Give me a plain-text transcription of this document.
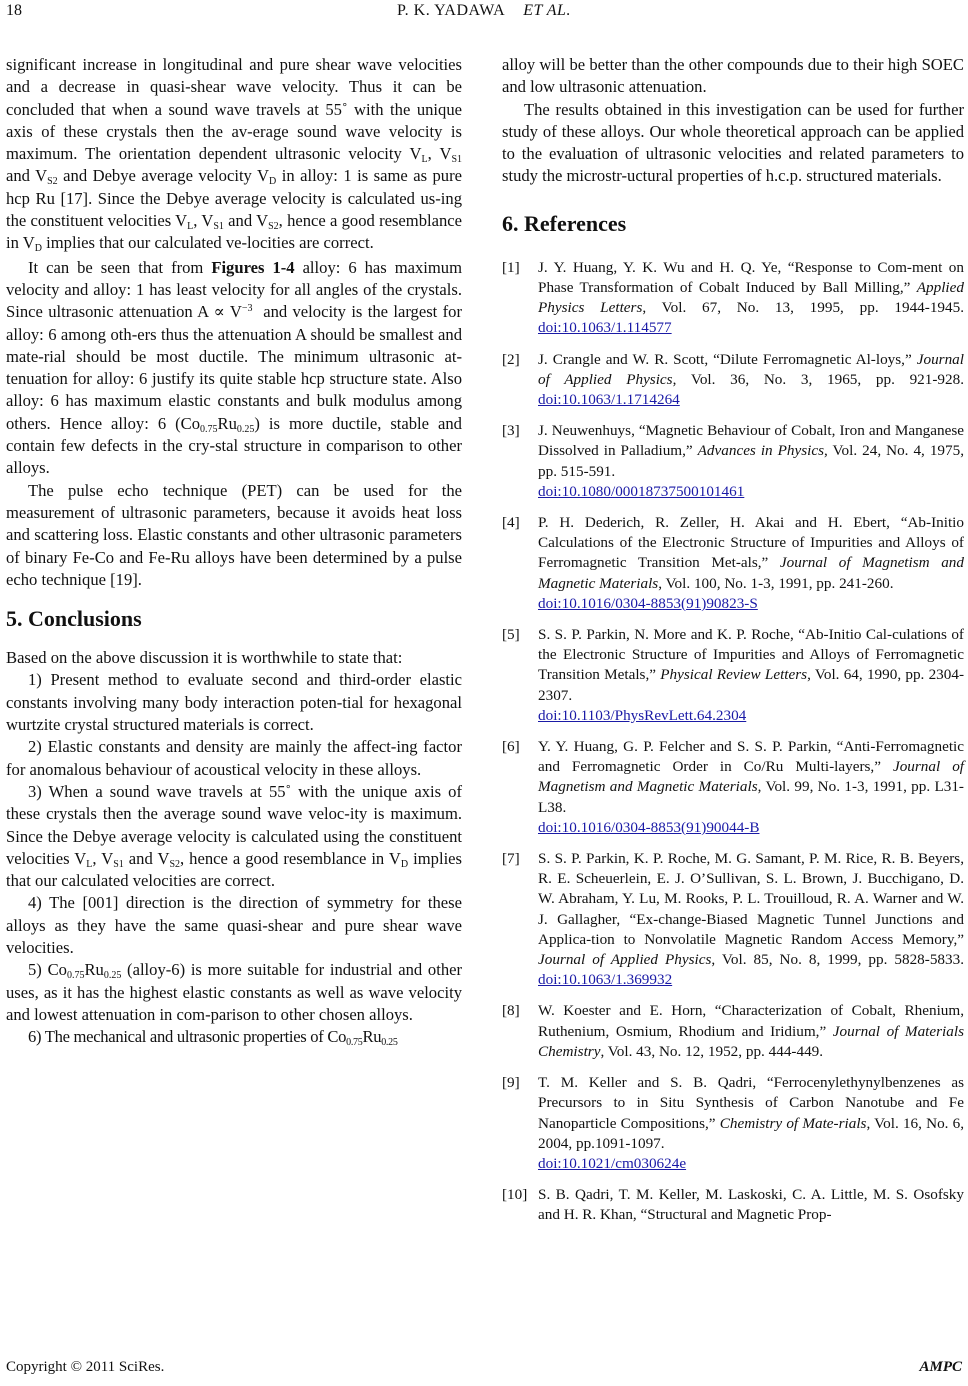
18	P. K. YADAWA ET AL.

significant increase in longitudinal and pure shear wave velocities and a decrease in quasi-shear wave velocity. Thus it can be concluded that when a sound wave travels at 55˚ with the unique axis of these crystals then the av-erage sound wave velocity is maximum. The orientation dependent ultrasonic velocity $V_L$, $V_{S1}$ and $V_{S2}$ and Debye average velocity $V_D$ in alloy: 1 is same as pure hcp Ru [17]. Since the Debye average velocity is calculated us-ing the constituent velocities $V_L$, $V_{S1}$ and $V_{S2}$, hence a good resemblance in $V_D$ implies that our calculated ve-locities are correct.

It can be seen that from Figures 1-4 alloy: 6 has maximum velocity and alloy: 1 has least velocity for all angles of the crystals. Since ultrasonic attenuation $A \propto V^{-3}$ and velocity is the largest for alloy: 6 among oth-ers thus the attenuation A should be smallest and mate-rial should be most ductile. The minimum ultrasonic at-tenuation for alloy: 6 justify its quite stable hcp structure state. Also alloy: 6 has maximum elastic constants and bulk modulus among others. Hence alloy: 6 $(Co_{0.75}Ru_{0.25})$ is more ductile, stable and contain few defects in the cry-stal structure in comparison to other alloys.

The pulse echo technique (PET) can be used for the measurement of ultrasonic parameters, because it avoids heat loss and scattering loss. Elastic constants and other ultrasonic parameters of binary Fe-Co and Fe-Ru alloys have been determined by a pulse echo technique [19].

5. Conclusions

Based on the above discussion it is worthwhile to state that:

1) Present method to evaluate second and third-order elastic constants involving many body interaction poten-tial for hexagonal wurtzite crystal structured materials is correct.

2) Elastic constants and density are mainly the affect-ing factor for anomalous behaviour of acoustical velocity in these alloys.

3) When a sound wave travels at 55˚ with the unique axis of these crystals then the average sound wave veloc-ity is maximum. Since the Debye average velocity is calculated using the constituent velocities $V_L$, $V_{S1}$ and $V_{S2}$, hence a good resemblance in $V_D$ implies that our calculated velocities are correct.

4) The [001] direction is the direction of symmetry for these alloys as they have the same quasi-shear and pure shear wave velocities.

5) $Co_{0.75}Ru_{0.25}$ (alloy-6) is more suitable for industrial and other uses, as it has the highest elastic constants as well as wave velocity and lowest attenuation in com-parison to other chosen alloys.

6) The mechanical and ultrasonic properties of $Co_{0.75}Ru_{0.25}$

alloy will be better than the other compounds due to their high SOEC and low ultrasonic attenuation.

The results obtained in this investigation can be used for further study of these alloys. Our whole theoretical approach can be applied to the evaluation of ultrasonic velocities and related parameters to study the microstr-uctural properties of h.c.p. structured materials.

6. References
[1] J. Y. Huang, Y. K. Wu and H. Q. Ye, “Response to Com-ment on Phase Transformation of Cobalt Induced by Ball Milling,” Applied Physics Letters, Vol. 67, No. 13, 1995, pp. 1944-1945. doi:10.1063/1.114577
[2] J. Crangle and W. R. Scott, “Dilute Ferromagnetic Al-loys,” Journal of Applied Physics, Vol. 36, No. 3, 1965, pp. 921-928. doi:10.1063/1.1714264
[3] J. Neuwenhuys, “Magnetic Behaviour of Cobalt, Iron and Manganese Dissolved in Palladium,” Advances in Physics, Vol. 24, No. 4, 1975, pp. 515-591.
doi:10.1080/00018737500101461
[4] P. H. Dederich, R. Zeller, H. Akai and H. Ebert, “Ab-Initio Calculations of the Electronic Structure of Impurities and Alloys of Ferromagnetic Transition Met-als,” Journal of Magnetism and Magnetic Materials, Vol. 100, No. 1-3, 1991, pp. 241-260.
doi:10.1016/0304-8853(91)90823-S
[5] S. S. P. Parkin, N. More and K. P. Roche, “Ab-Initio Cal-culations of the Electronic Structure of Impurities and Alloys of Ferromagnetic Transition Metals,” Physical Review Letters, Vol. 64, 1990, pp. 2304-2307.
doi:10.1103/PhysRevLett.64.2304
[6] Y. Y. Huang, G. P. Felcher and S. S. P. Parkin, “Anti-Ferromagnetic and Ferromagnetic Order in Co/Ru Multi-layers,” Journal of Magnetism and Magnetic Materials, Vol. 99, No. 1-3, 1991, pp. L31-L38.
doi:10.1016/0304-8853(91)90044-B
[7] S. S. P. Parkin, K. P. Roche, M. G. Samant, P. M. Rice, R. B. Beyers, R. E. Scheuerlein, E. J. O’Sullivan, S. L. Brown, J. Bucchigano, D. W. Abraham, Y. Lu, M. Rooks, P. L. Trouilloud, R. A. Warner and W. J. Gallagher, “Ex-change-Biased Magnetic Tunnel Junctions and Applica-tion to Nonvolatile Magnetic Random Access Memory,” Journal of Applied Physics, Vol. 85, No. 8, 1999, pp. 5828-5833. doi:10.1063/1.369932
[8] W. Koester and E. Horn, “Characterization of Cobalt, Rhenium, Ruthenium, Osmium, Rhodium and Iridium,” Journal of Materials Chemistry, Vol. 43, No. 12, 1952, pp. 444-449.
[9] T. M. Keller and S. B. Qadri, “Ferrocenylethynylbenzenes as Precursors to in Situ Synthesis of Carbon Nanotube and Fe Nanoparticle Compositions,” Chemistry of Mate-rials, Vol. 16, No. 6, 2004, pp.1091-1097.
doi:10.1021/cm030624e
[10] S. B. Qadri, T. M. Keller, M. Laskoski, C. A. Little, M. S. Osofsky and H. R. Khan, “Structural and Magnetic Prop-
Copyright © 2011 SciRes.	AMPC
